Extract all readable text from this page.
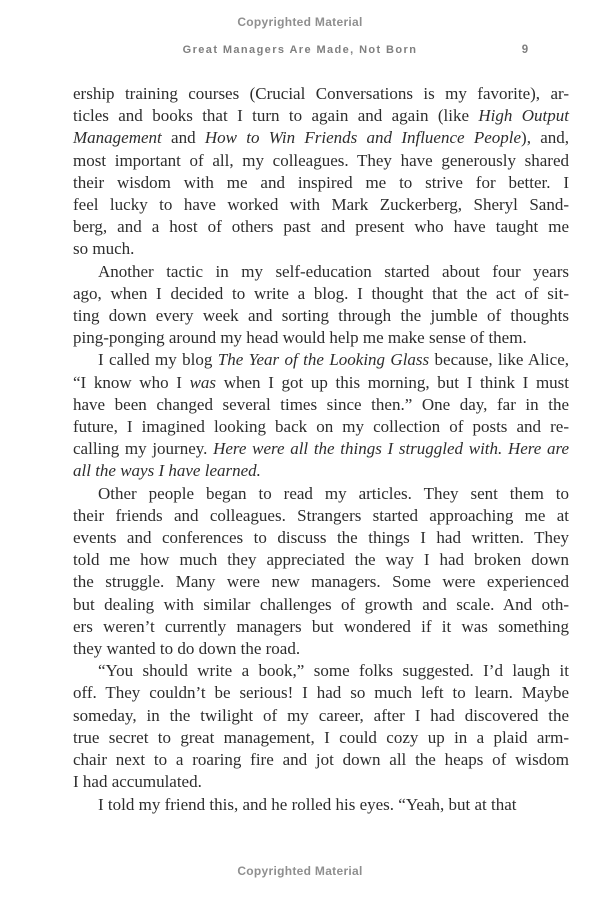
Copyrighted Material
Great Managers Are Made, Not Born	9
ership training courses (Crucial Conversations is my favorite), ar-
ticles and books that I turn to again and again (like High Output
Management and How to Win Friends and Influence People), and,
most important of all, my colleagues. They have generously shared
their wisdom with me and inspired me to strive for better. I
feel lucky to have worked with Mark Zuckerberg, Sheryl Sand-
berg, and a host of others past and present who have taught me
so much.
Another tactic in my self-education started about four years
ago, when I decided to write a blog. I thought that the act of sit-
ting down every week and sorting through the jumble of thoughts
ping-ponging around my head would help me make sense of them.
I called my blog The Year of the Looking Glass because, like Alice,
“I know who I was when I got up this morning, but I think I must
have been changed several times since then.” One day, far in the
future, I imagined looking back on my collection of posts and re-
calling my journey. Here were all the things I struggled with. Here are
all the ways I have learned.
Other people began to read my articles. They sent them to
their friends and colleagues. Strangers started approaching me at
events and conferences to discuss the things I had written. They
told me how much they appreciated the way I had broken down
the struggle. Many were new managers. Some were experienced
but dealing with similar challenges of growth and scale. And oth-
ers weren’t currently managers but wondered if it was something
they wanted to do down the road.
“You should write a book,” some folks suggested. I’d laugh it
off. They couldn’t be serious! I had so much left to learn. Maybe
someday, in the twilight of my career, after I had discovered the
true secret to great management, I could cozy up in a plaid arm-
chair next to a roaring fire and jot down all the heaps of wisdom
I had accumulated.
I told my friend this, and he rolled his eyes. “Yeah, but at that
Copyrighted Material
